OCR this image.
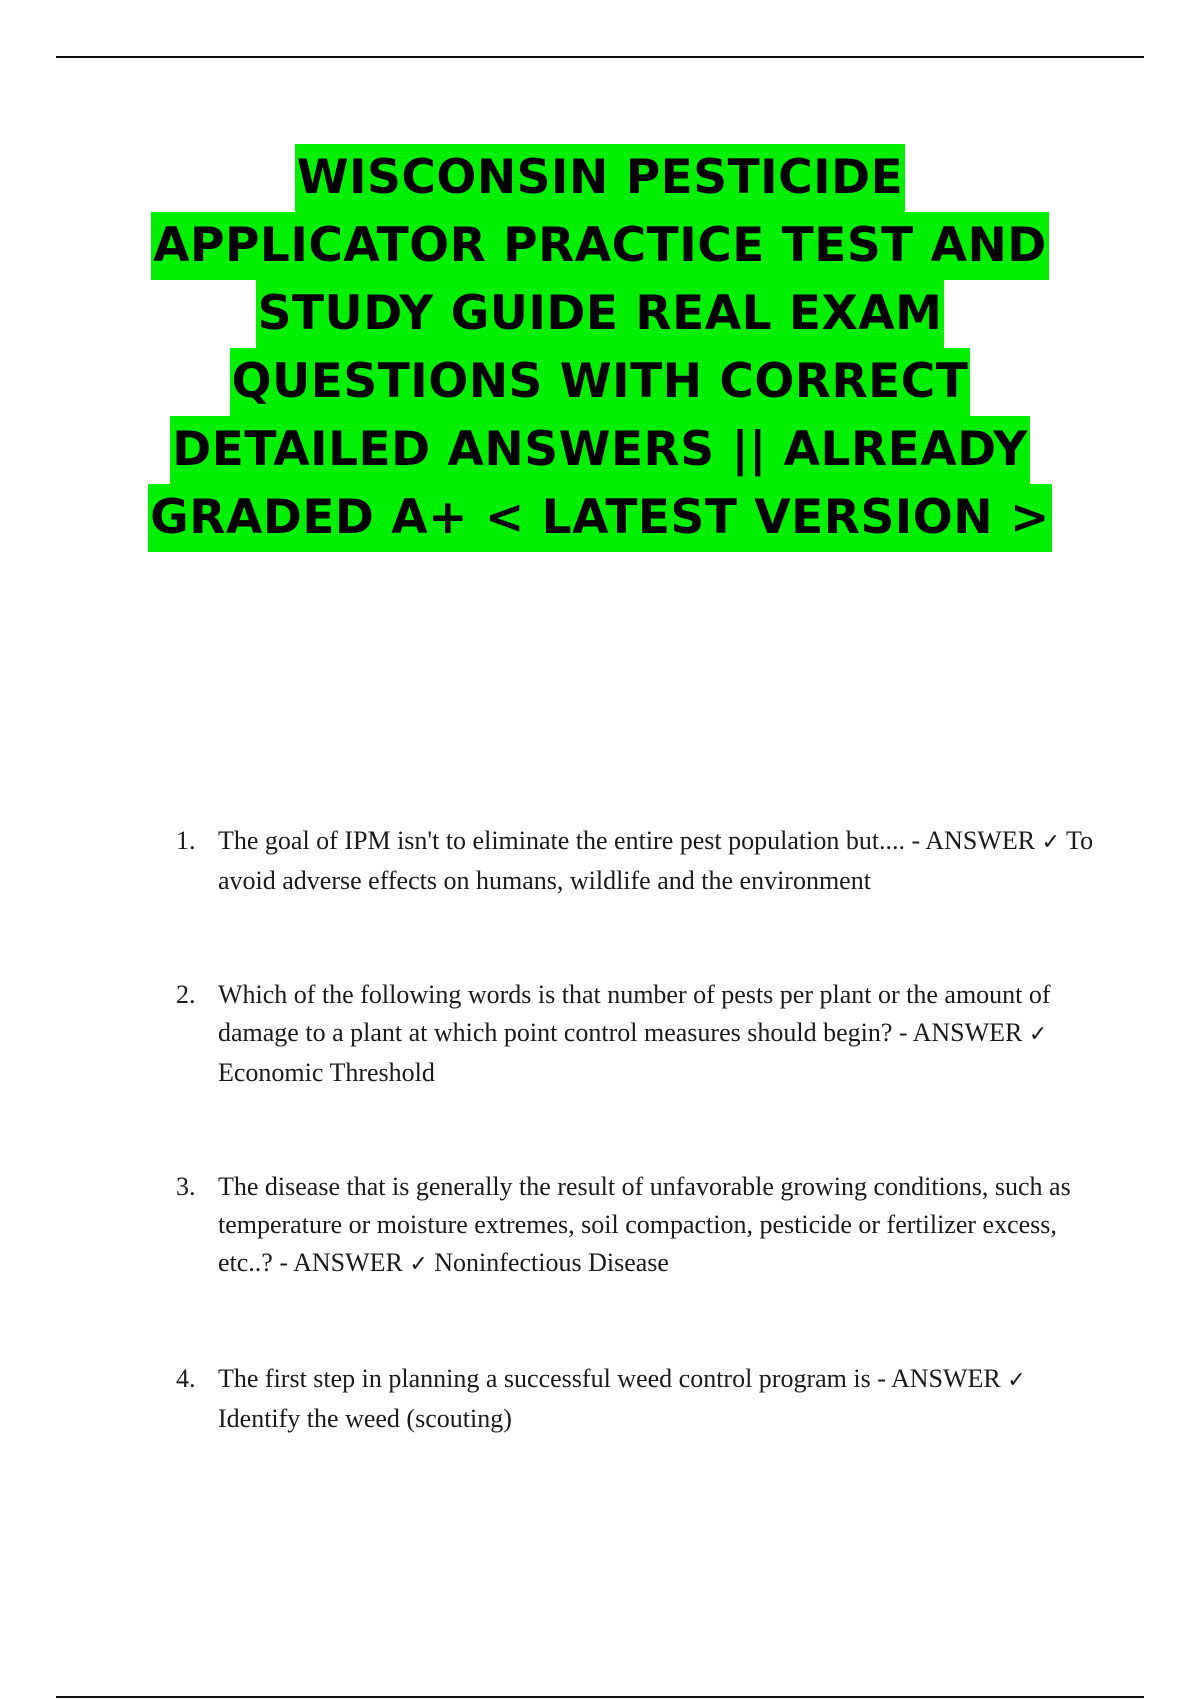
WISCONSIN PESTICIDE
APPLICATOR PRACTICE TEST AND
STUDY GUIDE REAL EXAM
QUESTIONS WITH CORRECT
DETAILED ANSWERS || ALREADY
GRADED A+ < LATEST VERSION >
1. The goal of IPM isn't to eliminate the entire pest population but.... - ANSWER ✓ To avoid adverse effects on humans, wildlife and the environment
2. Which of the following words is that number of pests per plant or the amount of damage to a plant at which point control measures should begin? - ANSWER ✓ Economic Threshold
3. The disease that is generally the result of unfavorable growing conditions, such as temperature or moisture extremes, soil compaction, pesticide or fertilizer excess, etc..? - ANSWER ✓ Noninfectious Disease
4. The first step in planning a successful weed control program is - ANSWER ✓ Identify the weed (scouting)
